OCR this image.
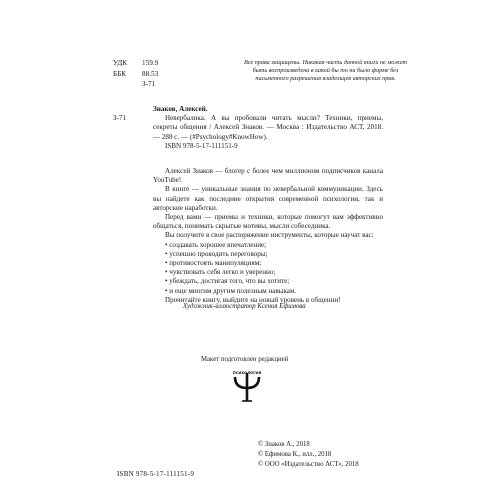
УДК	159.9
ББК	88.53
З-71
Все права защищены. Никакая часть данной книги не может быть воспроизведена в какой бы то ни было форме без письменного разрешения владельцев авторских прав.

Знаков, Алексей.

З-71	Невербалика. А вы пробовали читать мысли? Техники, приемы, секреты общения / Алексей Знаков. — Москва : Издательство АСТ, 2018. — 288 с. — (#Psychology#KnowHow).

ISBN 978-5-17-111151-9

Алексей Знаков — блогер с более чем миллионом подписчиков канала YouTube!

В книге — уникальные знания по невербальной коммуникации. Здесь вы найдете как последние открытия современной психологии, так и авторские наработки.

Перед вами — приемы и техники, которые помогут вам эффективно общаться, понимать скрытые мотивы, мысли собеседника.

Вы получите в свое распоряжение инструменты, которые научат вас:

• создавать хорошее впечатление;
• успешно проводить переговоры;
• противостоять манипуляциям;
• чувствовать себя легко и уверенно;
• убеждать, достигая того, что вы хотите;
• и еще многим другим полезным навыкам.

Прочитайте книгу, выйдите на новый уровень в общении!

Художник-иллюстратор Ксения Ефимова
Макет подготовлен редакцией
ПСИХОЛОГИЯ
ISBN 978-5-17-111151-9
© Знаков А., 2018
© Ефимова К., илл., 2018
© ООО «Издательство АСТ», 2018
